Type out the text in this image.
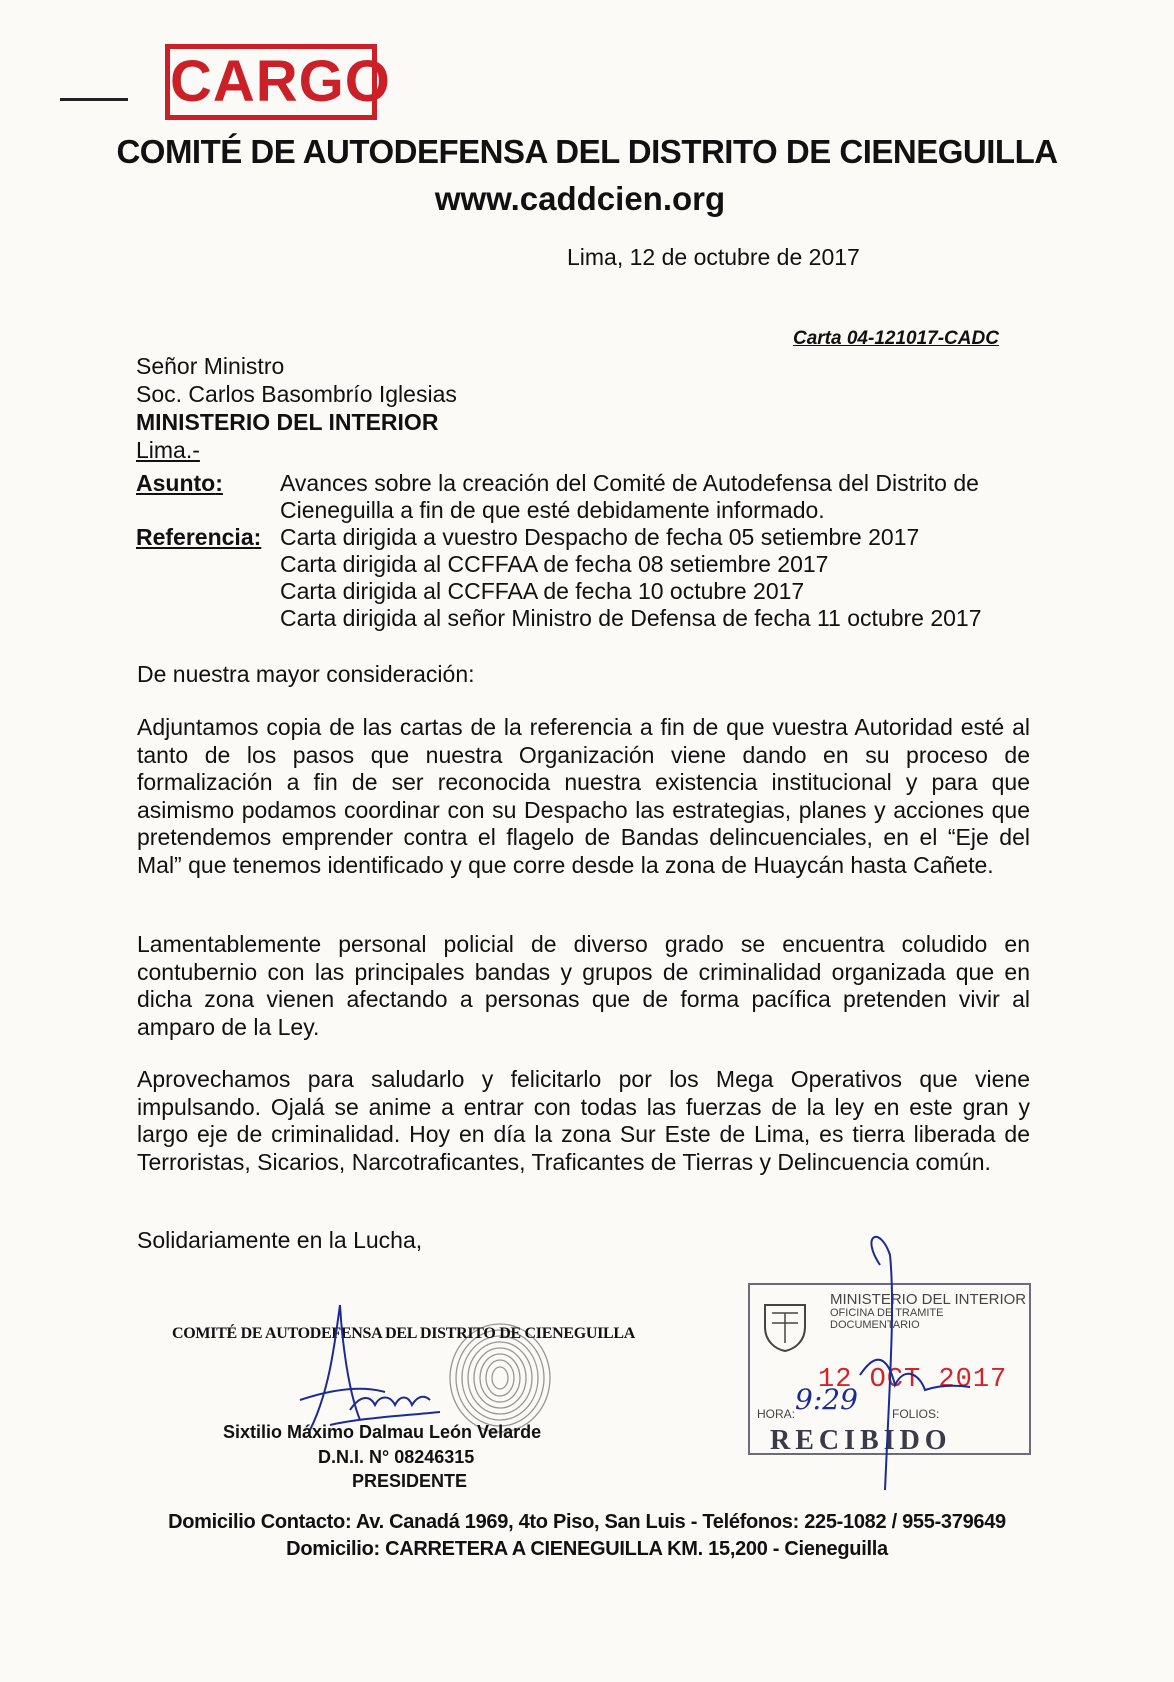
CARGO
COMITÉ DE AUTODEFENSA DEL DISTRITO DE CIENEGUILLA
www.caddcien.org
Lima, 12 de octubre de 2017
Carta 04-121017-CADC
Señor Ministro
Soc. Carlos Basombrío Iglesias
MINISTERIO DEL INTERIOR
Lima.-
Asunto: Avances sobre la creación del Comité de Autodefensa del Distrito de
Cieneguilla a fin de que esté debidamente informado.
Referencia: Carta dirigida a vuestro Despacho de fecha 05 setiembre 2017
Carta dirigida al CCFFAA de fecha 08 setiembre 2017
Carta dirigida al CCFFAA de fecha 10 octubre 2017
Carta dirigida al señor Ministro de Defensa de fecha 11 octubre 2017
De nuestra mayor consideración:
Adjuntamos copia de las cartas de la referencia a fin de que vuestra Autoridad esté al tanto de los pasos que nuestra Organización viene dando en su proceso de formalización a fin de ser reconocida nuestra existencia institucional y para que asimismo podamos coordinar con su Despacho las estrategias, planes y acciones que pretendemos emprender contra el flagelo de Bandas delincuenciales, en el “Eje del Mal” que tenemos identificado y que corre desde la zona de Huaycán hasta Cañete.
Lamentablemente personal policial de diverso grado se encuentra coludido en contubernio con las principales bandas y grupos de criminalidad organizada que en dicha zona vienen afectando a personas que de forma pacífica pretenden vivir al amparo de la Ley.
Aprovechamos para saludarlo y felicitarlo por los Mega Operativos que viene impulsando. Ojalá se anime a entrar con todas las fuerzas de la ley en este gran y largo eje de criminalidad. Hoy en día la zona Sur Este de Lima, es tierra liberada de Terroristas, Sicarios, Narcotraficantes, Traficantes de Tierras y Delincuencia común.
Solidariamente en la Lucha,
COMITÉ DE AUTODEFENSA DEL DISTRITO DE CIENEGUILLA
Sixtilio Máximo Dalmau León Velarde
D.N.I. N° 08246315
PRESIDENTE
MINISTERIO DEL INTERIOR
OFICINA DE TRAMITE DOCUMENTARIO
12 OCT 2017
HORA: 9:29	FOLIOS:
RECIBIDO
Domicilio Contacto: Av. Canadá 1969, 4to Piso, San Luis - Teléfonos: 225-1082 / 955-379649
Domicilio: CARRETERA A CIENEGUILLA KM. 15,200 - Cieneguilla
